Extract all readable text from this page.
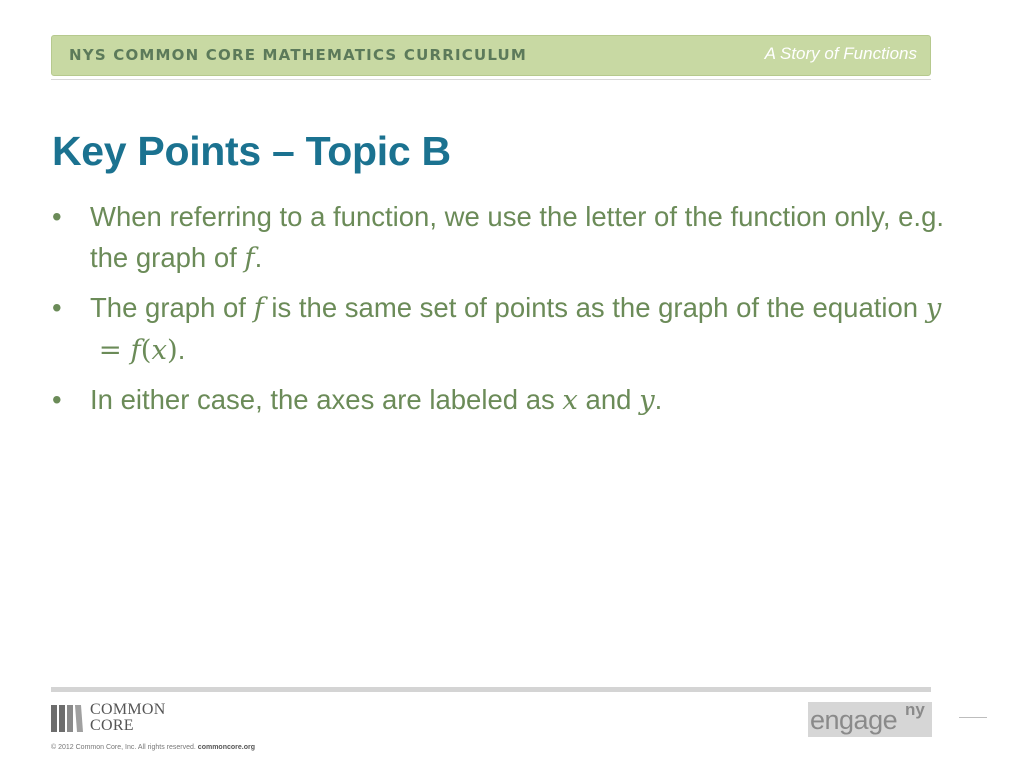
NYS COMMON CORE MATHEMATICS CURRICULUM	A Story of Functions
Key Points – Topic B
• When referring to a function, we use the letter of the function only, e.g. the graph of f.
• The graph of f is the same set of points as the graph of the equation y = f(x).
• In either case, the axes are labeled as x and y.
COMMON
CORE
© 2012 Common Core, Inc. All rights reserved. commoncore.org
engage ny
